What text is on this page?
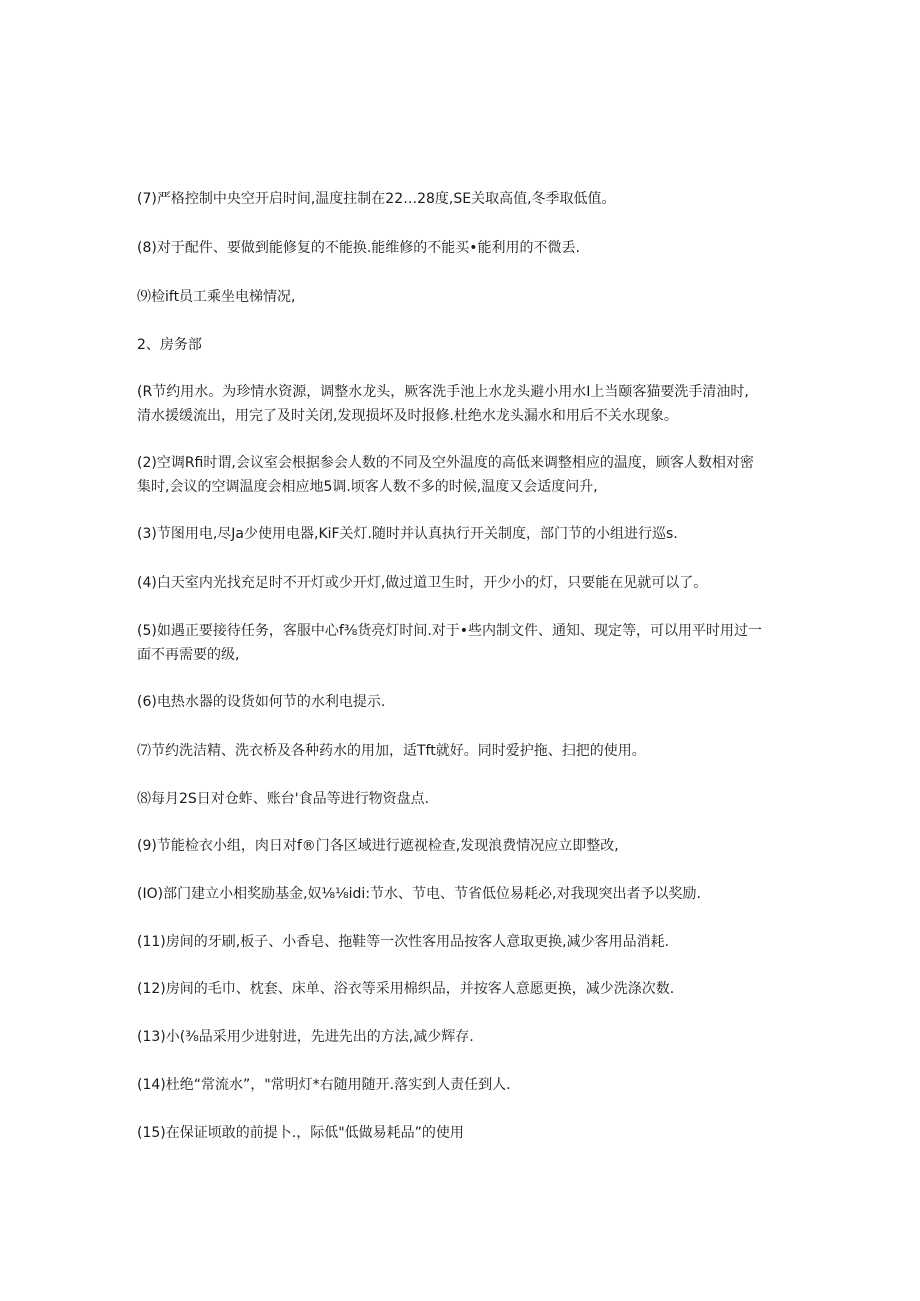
(7)严格控制中央空开启时间,温度拄制在22…28度,SE关取高值,冬季取低值。

(8)对于配件、要做到能修复的不能换.能维修的不能买•能利用的不微丢.

⑼检ift员工乘坐电梯情况,

2、房务部

(R节约用水。为珍情水资源，调整水龙头，厥客洗手池上水龙头避小用水I上当颐客猫要洗手清油时,
清水援缓流出，用完了及时关闭,发现损坏及时报修.杜绝水龙头漏水和用后不关水现象。

(2)空调Rfi时谓,会议室会根据参会人数的不同及空外温度的高低来调整相应的温度，顾客人数相对密
集时,会议的空调温度会相应地5调.顷客人数不多的时候,温度又会适度问升,

(3)节图用电,尽Ja少使用电器,KiF关灯.随时并认真执行开关制度，部门节的小组进行巡s.

(4)白天室内光找充足时不开灯或少开灯,做过道卫生时，开少小的灯，只要能在见就可以了。

(5)如遇正要接待任务，客服中心f⅜货亮灯时间.对于•些内制文件、通知、现定等，可以用平时用过一
面不再需要的级,

(6)电热水器的设货如何节的水利电提示.

⑺节约洗洁精、洗衣桥及各种药水的用加，适Tft就好。同时爱护拖、扫把的使用。

⑻每月2S日对仓蚱、账台'食品等进行物资盘点.

(9)节能检衣小组，肉日对f®门各区域进行遮视检查,发现浪费情况应立即整改,

(IO)部门建立小相奖励基金,奴⅛⅛idi:节水、节电、节省低位易耗必,对我现突出者予以奖励.

(11)房间的牙刷,板子、小香皂、拖鞋等一次性客用品按客人意取更换,减少客用品消耗.

(12)房间的毛巾、枕套、床单、浴衣等采用棉织品，并按客人意愿更换，减少洗涤次数.

(13)小(⅜品采用少进射进，先进先出的方法,减少辉存.

(14)杜绝“常流水”，"常明灯*右随用随开.落实到人责任到人.

(15)在保证顷敢的前提卜.，际低"低做易耗品”的使用
